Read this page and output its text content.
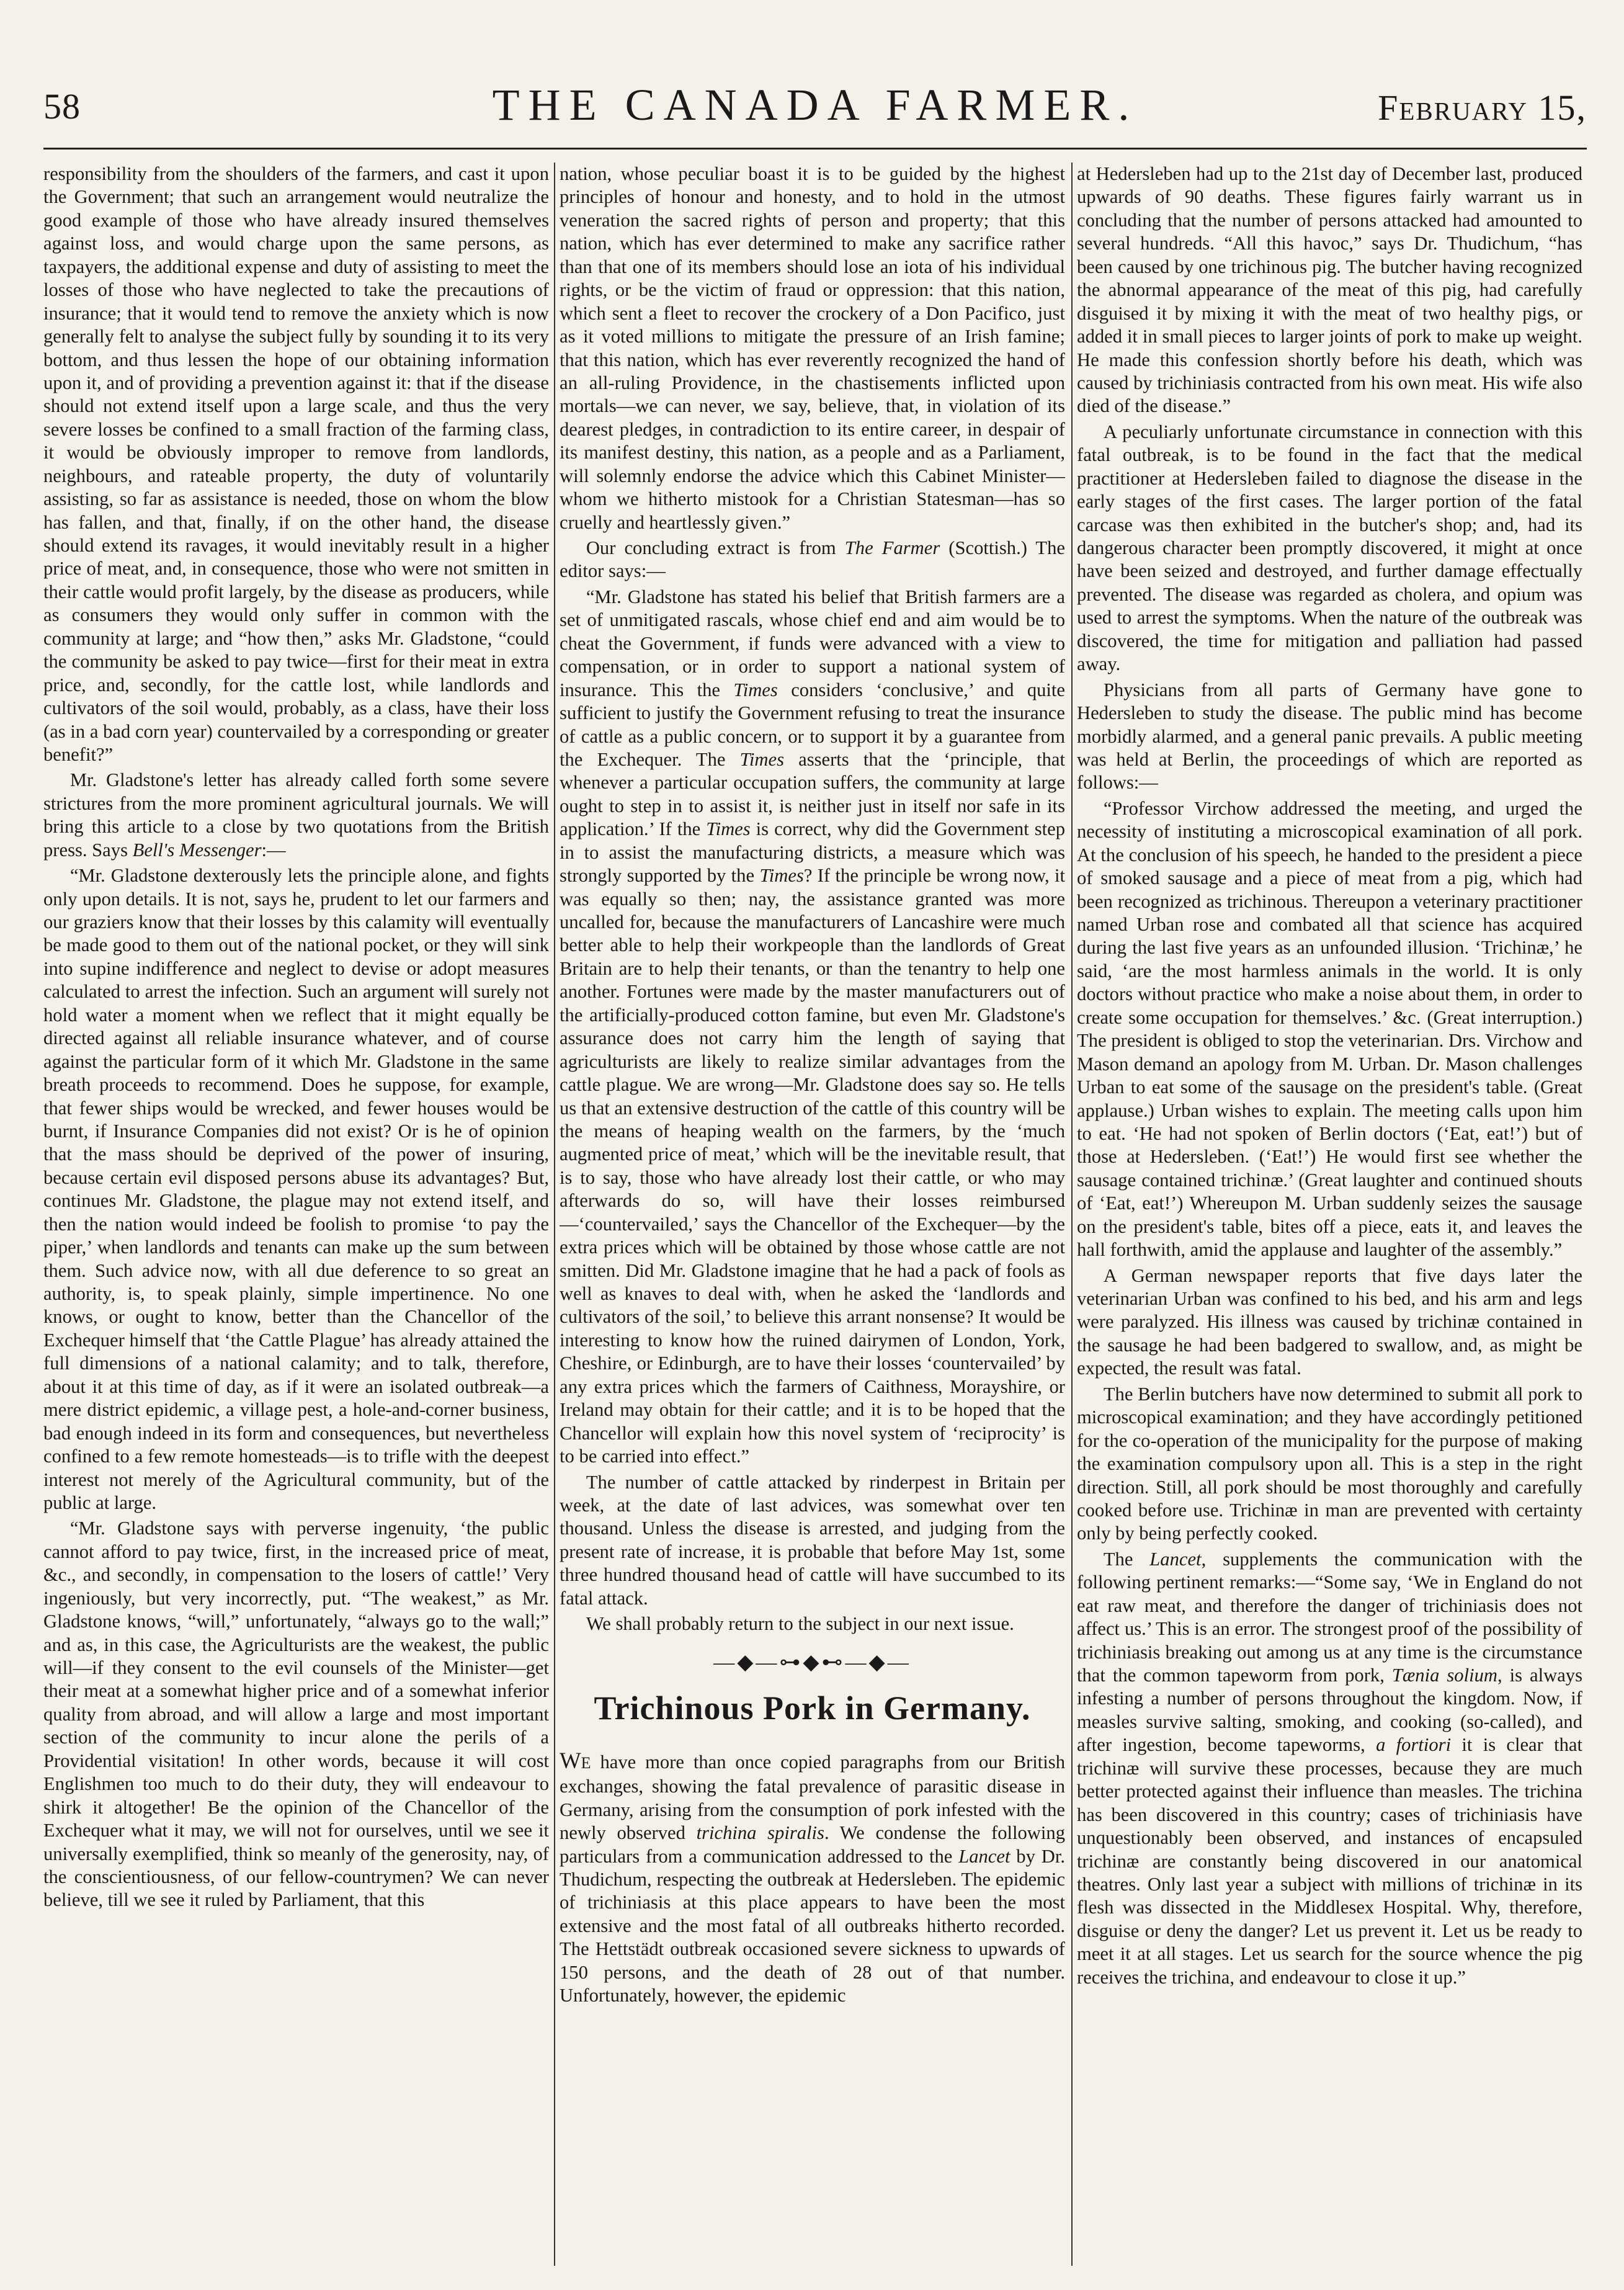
58	THE CANADA FARMER.	February 15,

responsibility from the shoulders of the farmers, and cast it upon the Government; that such an arrangement would neutralize the good example of those who have already insured themselves against loss, and would charge upon the same persons, as taxpayers, the additional expense and duty of assisting to meet the losses of those who have neglected to take the precautions of insurance; that it would tend to remove the anxiety which is now generally felt to analyse the subject fully by sounding it to its very bottom, and thus lessen the hope of our obtaining information upon it, and of providing a prevention against it: that if the disease should not extend itself upon a large scale, and thus the very severe losses be confined to a small fraction of the farming class, it would be obviously improper to remove from landlords, neighbours, and rateable property, the duty of voluntarily assisting, so far as assistance is needed, those on whom the blow has fallen, and that, finally, if on the other hand, the disease should extend its ravages, it would inevitably result in a higher price of meat, and, in consequence, those who were not smitten in their cattle would profit largely, by the disease as producers, while as consumers they would only suffer in common with the community at large; and “how then,” asks Mr. Gladstone, “could the community be asked to pay twice—first for their meat in extra price, and, secondly, for the cattle lost, while landlords and cultivators of the soil would, probably, as a class, have their loss (as in a bad corn year) countervailed by a corresponding or greater benefit?”

Mr. Gladstone's letter has already called forth some severe strictures from the more prominent agricultural journals. We will bring this article to a close by two quotations from the British press. Says Bell's Messenger:—

“Mr. Gladstone dexterously lets the principle alone, and fights only upon details. It is not, says he, prudent to let our farmers and our graziers know that their losses by this calamity will eventually be made good to them out of the national pocket, or they will sink into supine indifference and neglect to devise or adopt measures calculated to arrest the infection. Such an argument will surely not hold water a moment when we reflect that it might equally be directed against all reliable insurance whatever, and of course against the particular form of it which Mr. Gladstone in the same breath proceeds to recommend. Does he suppose, for example, that fewer ships would be wrecked, and fewer houses would be burnt, if Insurance Companies did not exist? Or is he of opinion that the mass should be deprived of the power of insuring, because certain evil disposed persons abuse its advantages? But, continues Mr. Gladstone, the plague may not extend itself, and then the nation would indeed be foolish to promise ‘to pay the piper,’ when landlords and tenants can make up the sum between them. Such advice now, with all due deference to so great an authority, is, to speak plainly, simple impertinence. No one knows, or ought to know, better than the Chancellor of the Exchequer himself that ‘the Cattle Plague’ has already attained the full dimensions of a national calamity; and to talk, therefore, about it at this time of day, as if it were an isolated outbreak—a mere district epidemic, a village pest, a hole-and-corner business, bad enough indeed in its form and consequences, but nevertheless confined to a few remote homesteads—is to trifle with the deepest interest not merely of the Agricultural community, but of the public at large.

“Mr. Gladstone says with perverse ingenuity, ‘the public cannot afford to pay twice, first, in the increased price of meat, &c., and secondly, in compensation to the losers of cattle!’ Very ingeniously, but very incorrectly, put. “The weakest,” as Mr. Gladstone knows, “will,” unfortunately, “always go to the wall;” and as, in this case, the Agriculturists are the weakest, the public will—if they consent to the evil counsels of the Minister—get their meat at a somewhat higher price and of a somewhat inferior quality from abroad, and will allow a large and most important section of the community to incur alone the perils of a Providential visitation! In other words, because it will cost Englishmen too much to do their duty, they will endeavour to shirk it altogether! Be the opinion of the Chancellor of the Exchequer what it may, we will not for ourselves, until we see it universally exemplified, think so meanly of the generosity, nay, of the conscientiousness, of our fellow-countrymen? We can never believe, till we see it ruled by Parliament, that this

nation, whose peculiar boast it is to be guided by the highest principles of honour and honesty, and to hold in the utmost veneration the sacred rights of person and property; that this nation, which has ever determined to make any sacrifice rather than that one of its members should lose an iota of his individual rights, or be the victim of fraud or oppression: that this nation, which sent a fleet to recover the crockery of a Don Pacifico, just as it voted millions to mitigate the pressure of an Irish famine; that this nation, which has ever reverently recognized the hand of an all-ruling Providence, in the chastisements inflicted upon mortals—we can never, we say, believe, that, in violation of its dearest pledges, in contradiction to its entire career, in despair of its manifest destiny, this nation, as a people and as a Parliament, will solemnly endorse the advice which this Cabinet Minister—whom we hitherto mistook for a Christian Statesman—has so cruelly and heartlessly given.”

Our concluding extract is from The Farmer (Scottish.) The editor says:—

“Mr. Gladstone has stated his belief that British farmers are a set of unmitigated rascals, whose chief end and aim would be to cheat the Government, if funds were advanced with a view to compensation, or in order to support a national system of insurance. This the Times considers ‘conclusive,’ and quite sufficient to justify the Government refusing to treat the insurance of cattle as a public concern, or to support it by a guarantee from the Exchequer. The Times asserts that the ‘principle, that whenever a particular occupation suffers, the community at large ought to step in to assist it, is neither just in itself nor safe in its application.’ If the Times is correct, why did the Government step in to assist the manufacturing districts, a measure which was strongly supported by the Times? If the principle be wrong now, it was equally so then; nay, the assistance granted was more uncalled for, because the manufacturers of Lancashire were much better able to help their workpeople than the landlords of Great Britain are to help their tenants, or than the tenantry to help one another. Fortunes were made by the master manufacturers out of the artificially-produced cotton famine, but even Mr. Gladstone's assurance does not carry him the length of saying that agriculturists are likely to realize similar advantages from the cattle plague. We are wrong—Mr. Gladstone does say so. He tells us that an extensive destruction of the cattle of this country will be the means of heaping wealth on the farmers, by the ‘much augmented price of meat,’ which will be the inevitable result, that is to say, those who have already lost their cattle, or who may afterwards do so, will have their losses reimbursed—‘countervailed,’ says the Chancellor of the Exchequer—by the extra prices which will be obtained by those whose cattle are not smitten. Did Mr. Gladstone imagine that he had a pack of fools as well as knaves to deal with, when he asked the ‘landlords and cultivators of the soil,’ to believe this arrant nonsense? It would be interesting to know how the ruined dairymen of London, York, Cheshire, or Edinburgh, are to have their losses ‘countervailed’ by any extra prices which the farmers of Caithness, Morayshire, or Ireland may obtain for their cattle; and it is to be hoped that the Chancellor will explain how this novel system of ‘reciprocity’ is to be carried into effect.”

The number of cattle attacked by rinderpest in Britain per week, at the date of last advices, was somewhat over ten thousand. Unless the disease is arrested, and judging from the present rate of increase, it is probable that before May 1st, some three hundred thousand head of cattle will have succumbed to its fatal attack.

We shall probably return to the subject in our next issue.

—◆—⊶◆⊷—◆—
Trichinous Pork in Germany.

We have more than once copied paragraphs from our British exchanges, showing the fatal prevalence of parasitic disease in Germany, arising from the consumption of pork infested with the newly observed trichina spiralis. We condense the following particulars from a communication addressed to the Lancet by Dr. Thudichum, respecting the outbreak at Hedersleben. The epidemic of trichiniasis at this place appears to have been the most extensive and the most fatal of all outbreaks hitherto recorded. The Hettstädt outbreak occasioned severe sickness to upwards of 150 persons, and the death of 28 out of that number. Unfortunately, however, the epidemic

at Hedersleben had up to the 21st day of December last, produced upwards of 90 deaths. These figures fairly warrant us in concluding that the number of persons attacked had amounted to several hundreds. “All this havoc,” says Dr. Thudichum, “has been caused by one trichinous pig. The butcher having recognized the abnormal appearance of the meat of this pig, had carefully disguised it by mixing it with the meat of two healthy pigs, or added it in small pieces to larger joints of pork to make up weight. He made this confession shortly before his death, which was caused by trichiniasis contracted from his own meat. His wife also died of the disease.”

A peculiarly unfortunate circumstance in connection with this fatal outbreak, is to be found in the fact that the medical practitioner at Hedersleben failed to diagnose the disease in the early stages of the first cases. The larger portion of the fatal carcase was then exhibited in the butcher's shop; and, had its dangerous character been promptly discovered, it might at once have been seized and destroyed, and further damage effectually prevented. The disease was regarded as cholera, and opium was used to arrest the symptoms. When the nature of the outbreak was discovered, the time for mitigation and palliation had passed away.

Physicians from all parts of Germany have gone to Hedersleben to study the disease. The public mind has become morbidly alarmed, and a general panic prevails. A public meeting was held at Berlin, the proceedings of which are reported as follows:—

“Professor Virchow addressed the meeting, and urged the necessity of instituting a microscopical examination of all pork. At the conclusion of his speech, he handed to the president a piece of smoked sausage and a piece of meat from a pig, which had been recognized as trichinous. Thereupon a veterinary practitioner named Urban rose and combated all that science has acquired during the last five years as an unfounded illusion. ‘Trichinæ,’ he said, ‘are the most harmless animals in the world. It is only doctors without practice who make a noise about them, in order to create some occupation for themselves.’ &c. (Great interruption.) The president is obliged to stop the veterinarian. Drs. Virchow and Mason demand an apology from M. Urban. Dr. Mason challenges Urban to eat some of the sausage on the president's table. (Great applause.) Urban wishes to explain. The meeting calls upon him to eat. ‘He had not spoken of Berlin doctors (‘Eat, eat!’) but of those at Hedersleben. (‘Eat!’) He would first see whether the sausage contained trichinæ.’ (Great laughter and continued shouts of ‘Eat, eat!’) Whereupon M. Urban suddenly seizes the sausage on the president's table, bites off a piece, eats it, and leaves the hall forthwith, amid the applause and laughter of the assembly.”

A German newspaper reports that five days later the veterinarian Urban was confined to his bed, and his arm and legs were paralyzed. His illness was caused by trichinæ contained in the sausage he had been badgered to swallow, and, as might be expected, the result was fatal.

The Berlin butchers have now determined to submit all pork to microscopical examination; and they have accordingly petitioned for the co-operation of the municipality for the purpose of making the examination compulsory upon all. This is a step in the right direction. Still, all pork should be most thoroughly and carefully cooked before use. Trichinæ in man are prevented with certainty only by being perfectly cooked.

The Lancet, supplements the communication with the following pertinent remarks:—“Some say, ‘We in England do not eat raw meat, and therefore the danger of trichiniasis does not affect us.’ This is an error. The strongest proof of the possibility of trichiniasis breaking out among us at any time is the circumstance that the common tapeworm from pork, Tænia solium, is always infesting a number of persons throughout the kingdom. Now, if measles survive salting, smoking, and cooking (so-called), and after ingestion, become tapeworms, a fortiori it is clear that trichinæ will survive these processes, because they are much better protected against their influence than measles. The trichina has been discovered in this country; cases of trichiniasis have unquestionably been observed, and instances of encapsuled trichinæ are constantly being discovered in our anatomical theatres. Only last year a subject with millions of trichinæ in its flesh was dissected in the Middlesex Hospital. Why, therefore, disguise or deny the danger? Let us prevent it. Let us be ready to meet it at all stages. Let us search for the source whence the pig receives the trichina, and endeavour to close it up.”
